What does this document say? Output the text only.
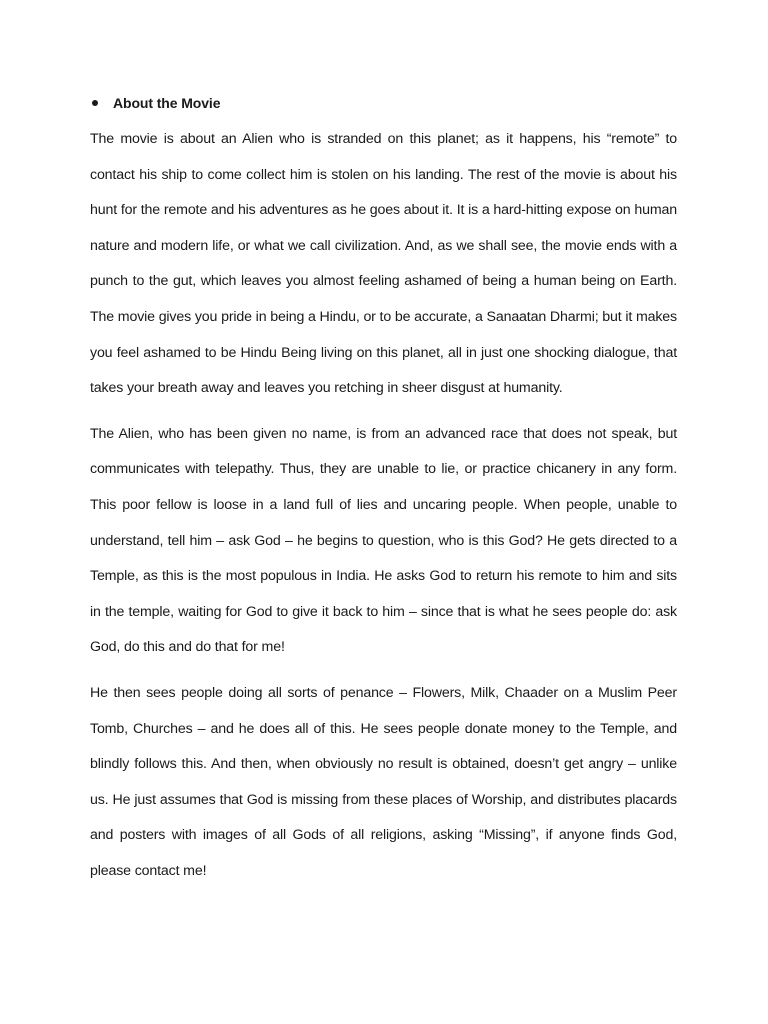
About the Movie

The movie is about an Alien who is stranded on this planet; as it happens, his “remote” to contact his ship to come collect him is stolen on his landing. The rest of the movie is about his hunt for the remote and his adventures as he goes about it. It is a hard-hitting expose on human nature and modern life, or what we call civilization. And, as we shall see, the movie ends with a punch to the gut, which leaves you almost feeling ashamed of being a human being on Earth. The movie gives you pride in being a Hindu, or to be accurate, a Sanaatan Dharmi; but it makes you feel ashamed to be Hindu Being living on this planet, all in just one shocking dialogue, that takes your breath away and leaves you retching in sheer disgust at humanity.

The Alien, who has been given no name, is from an advanced race that does not speak, but communicates with telepathy. Thus, they are unable to lie, or practice chicanery in any form. This poor fellow is loose in a land full of lies and uncaring people. When people, unable to understand, tell him – ask God – he begins to question, who is this God? He gets directed to a Temple, as this is the most populous in India. He asks God to return his remote to him and sits in the temple, waiting for God to give it back to him – since that is what he sees people do: ask God, do this and do that for me!

He then sees people doing all sorts of penance – Flowers, Milk, Chaader on a Muslim Peer Tomb, Churches – and he does all of this. He sees people donate money to the Temple, and blindly follows this. And then, when obviously no result is obtained, doesn’t get angry – unlike us. He just assumes that God is missing from these places of Worship, and distributes placards and posters with images of all Gods of all religions, asking “Missing”, if anyone finds God, please contact me!
